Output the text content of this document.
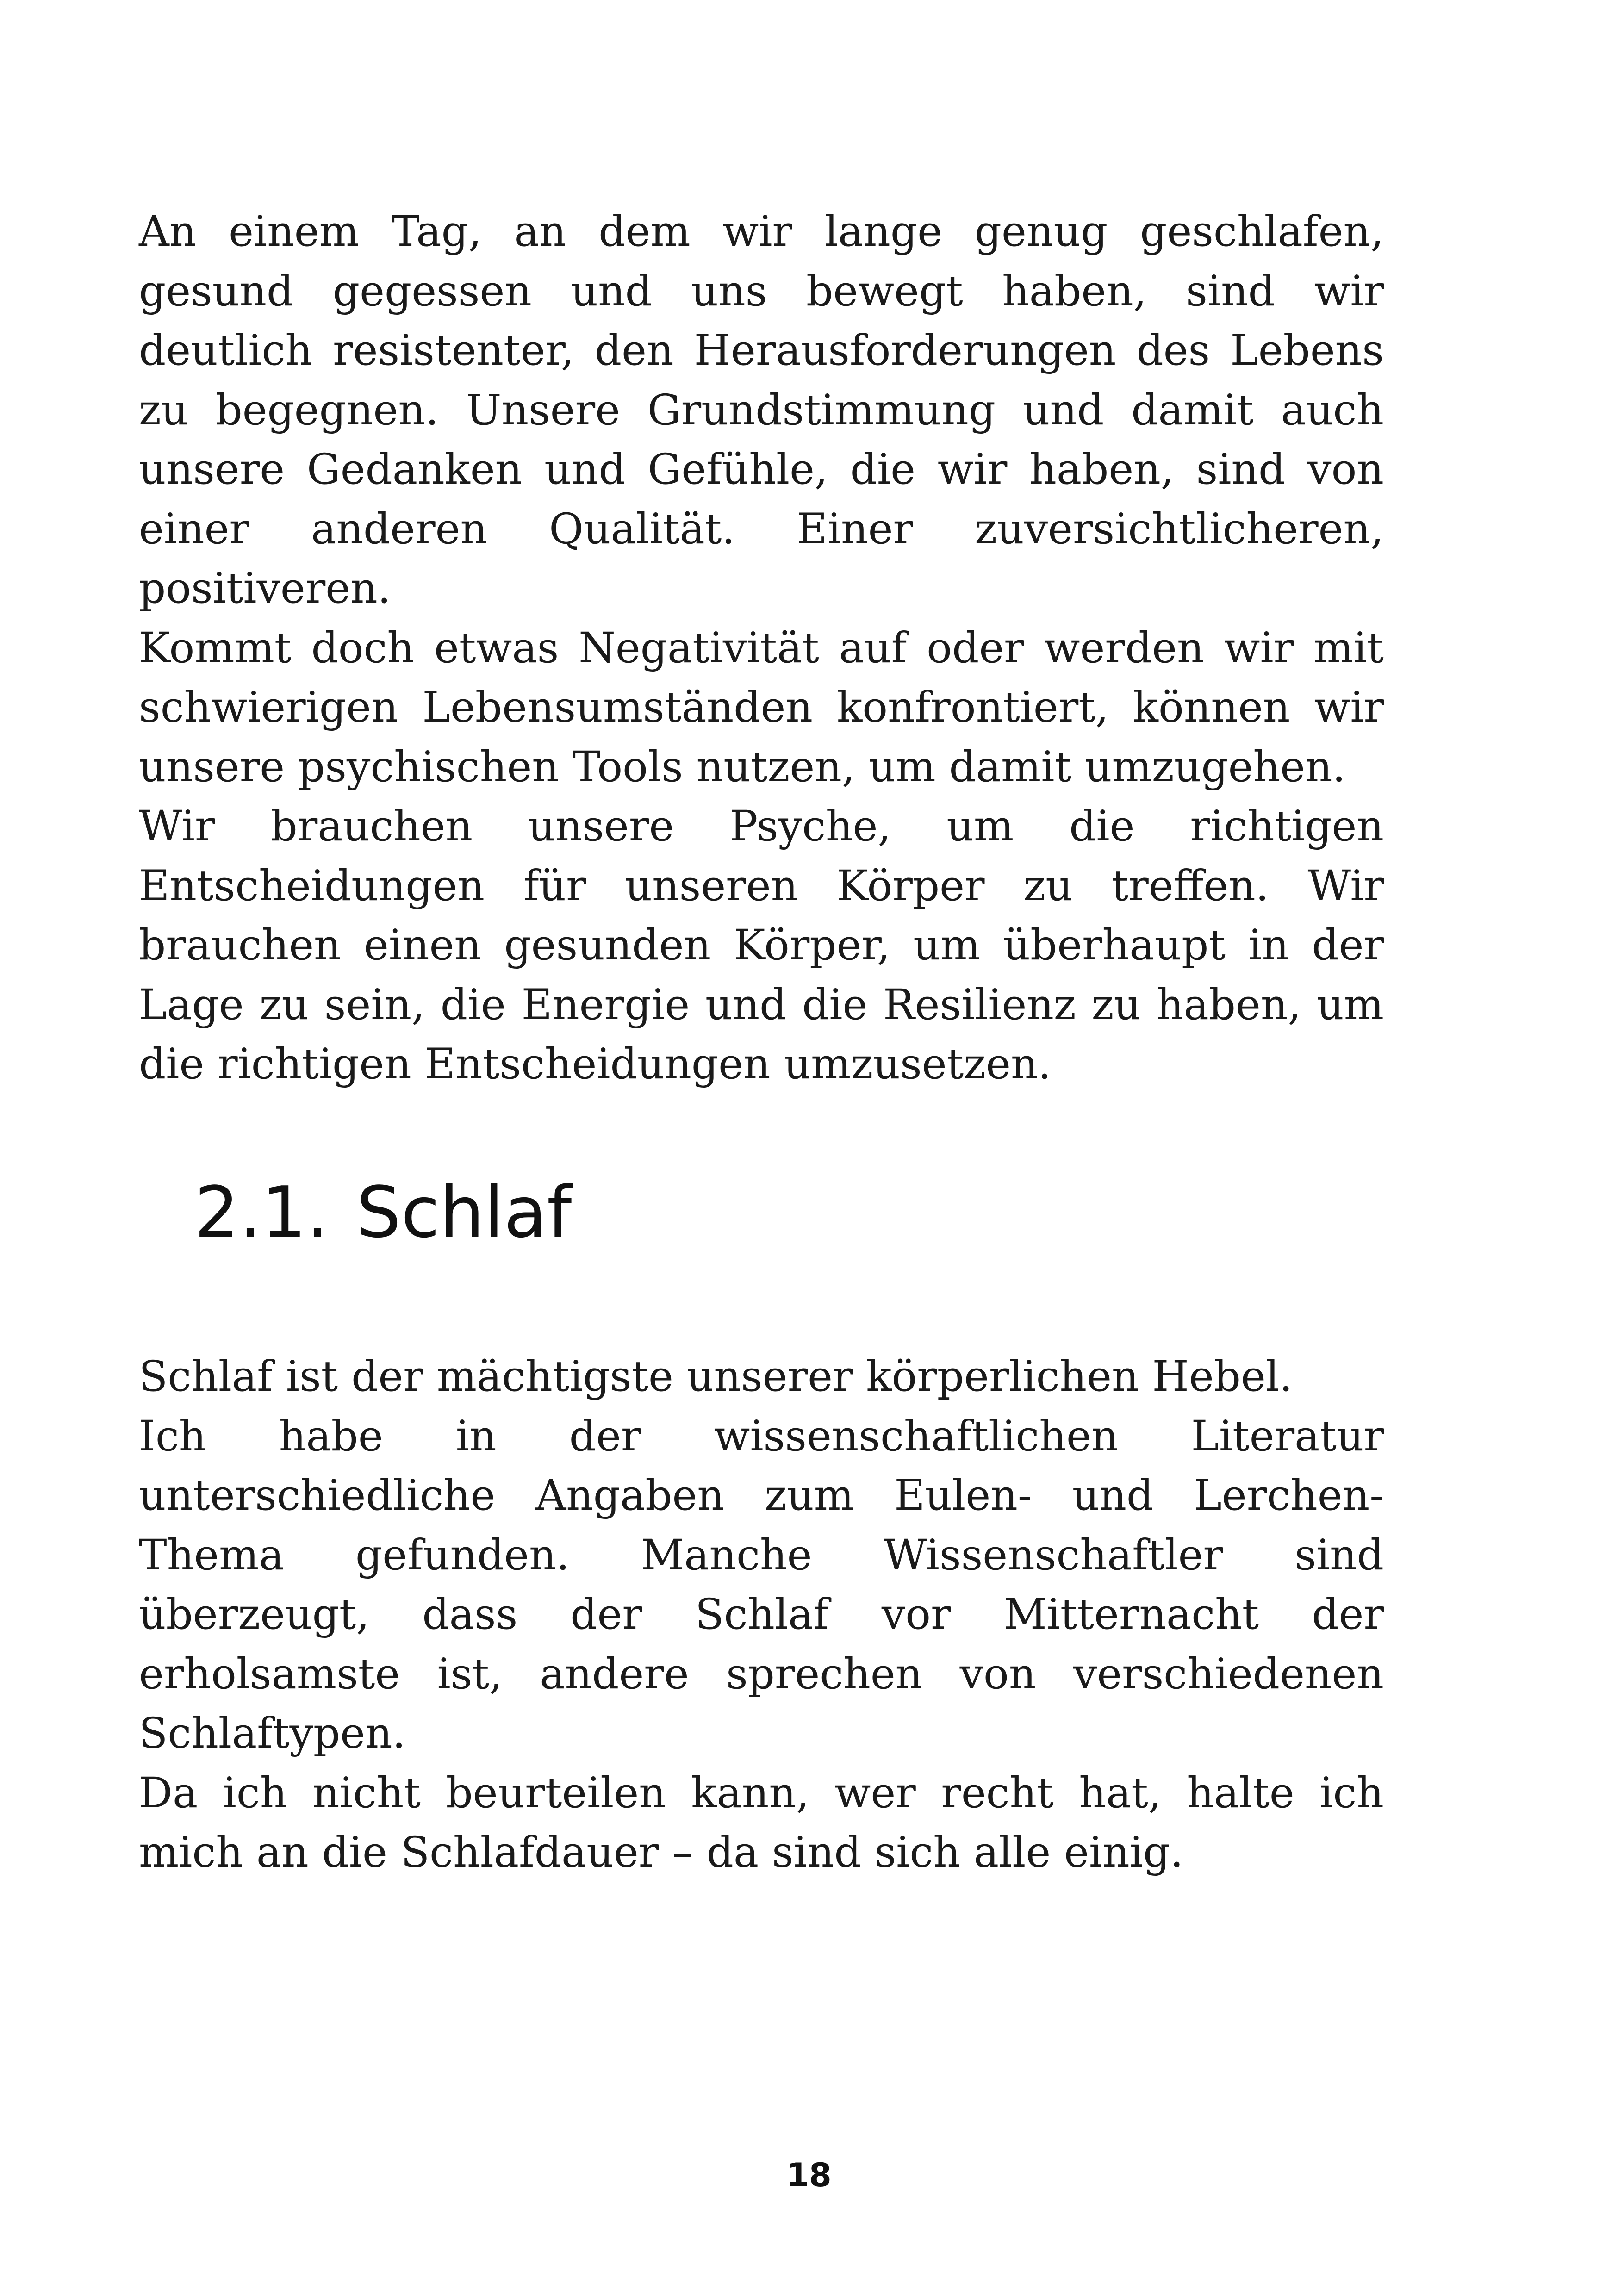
An einem Tag, an dem wir lange genug geschlafen, gesund gegessen und uns bewegt haben, sind wir deutlich resistenter, den Herausforderungen des Lebens zu begegnen. Unsere Grundstimmung und damit auch unsere Gedanken und Gefühle, die wir haben, sind von einer anderen Qualität. Einer zuversichtlicheren, positiveren.

Kommt doch etwas Negativität auf oder werden wir mit schwierigen Lebensumständen konfrontiert, können wir unsere psychischen Tools nutzen, um damit umzugehen.

Wir brauchen unsere Psyche, um die richtigen Entscheidungen für unseren Körper zu treffen. Wir brauchen einen gesunden Körper, um überhaupt in der Lage zu sein, die Energie und die Resilienz zu haben, um die richtigen Entscheidungen umzusetzen.

2.1. Schlaf

Schlaf ist der mächtigste unserer körperlichen Hebel.

Ich habe in der wissenschaftlichen Literatur unterschiedliche Angaben zum Eulen- und Lerchen-Thema gefunden. Manche Wissenschaftler sind überzeugt, dass der Schlaf vor Mitternacht der erholsamste ist, andere sprechen von verschiedenen Schlaftypen.

Da ich nicht beurteilen kann, wer recht hat, halte ich mich an die Schlafdauer – da sind sich alle einig.

18
